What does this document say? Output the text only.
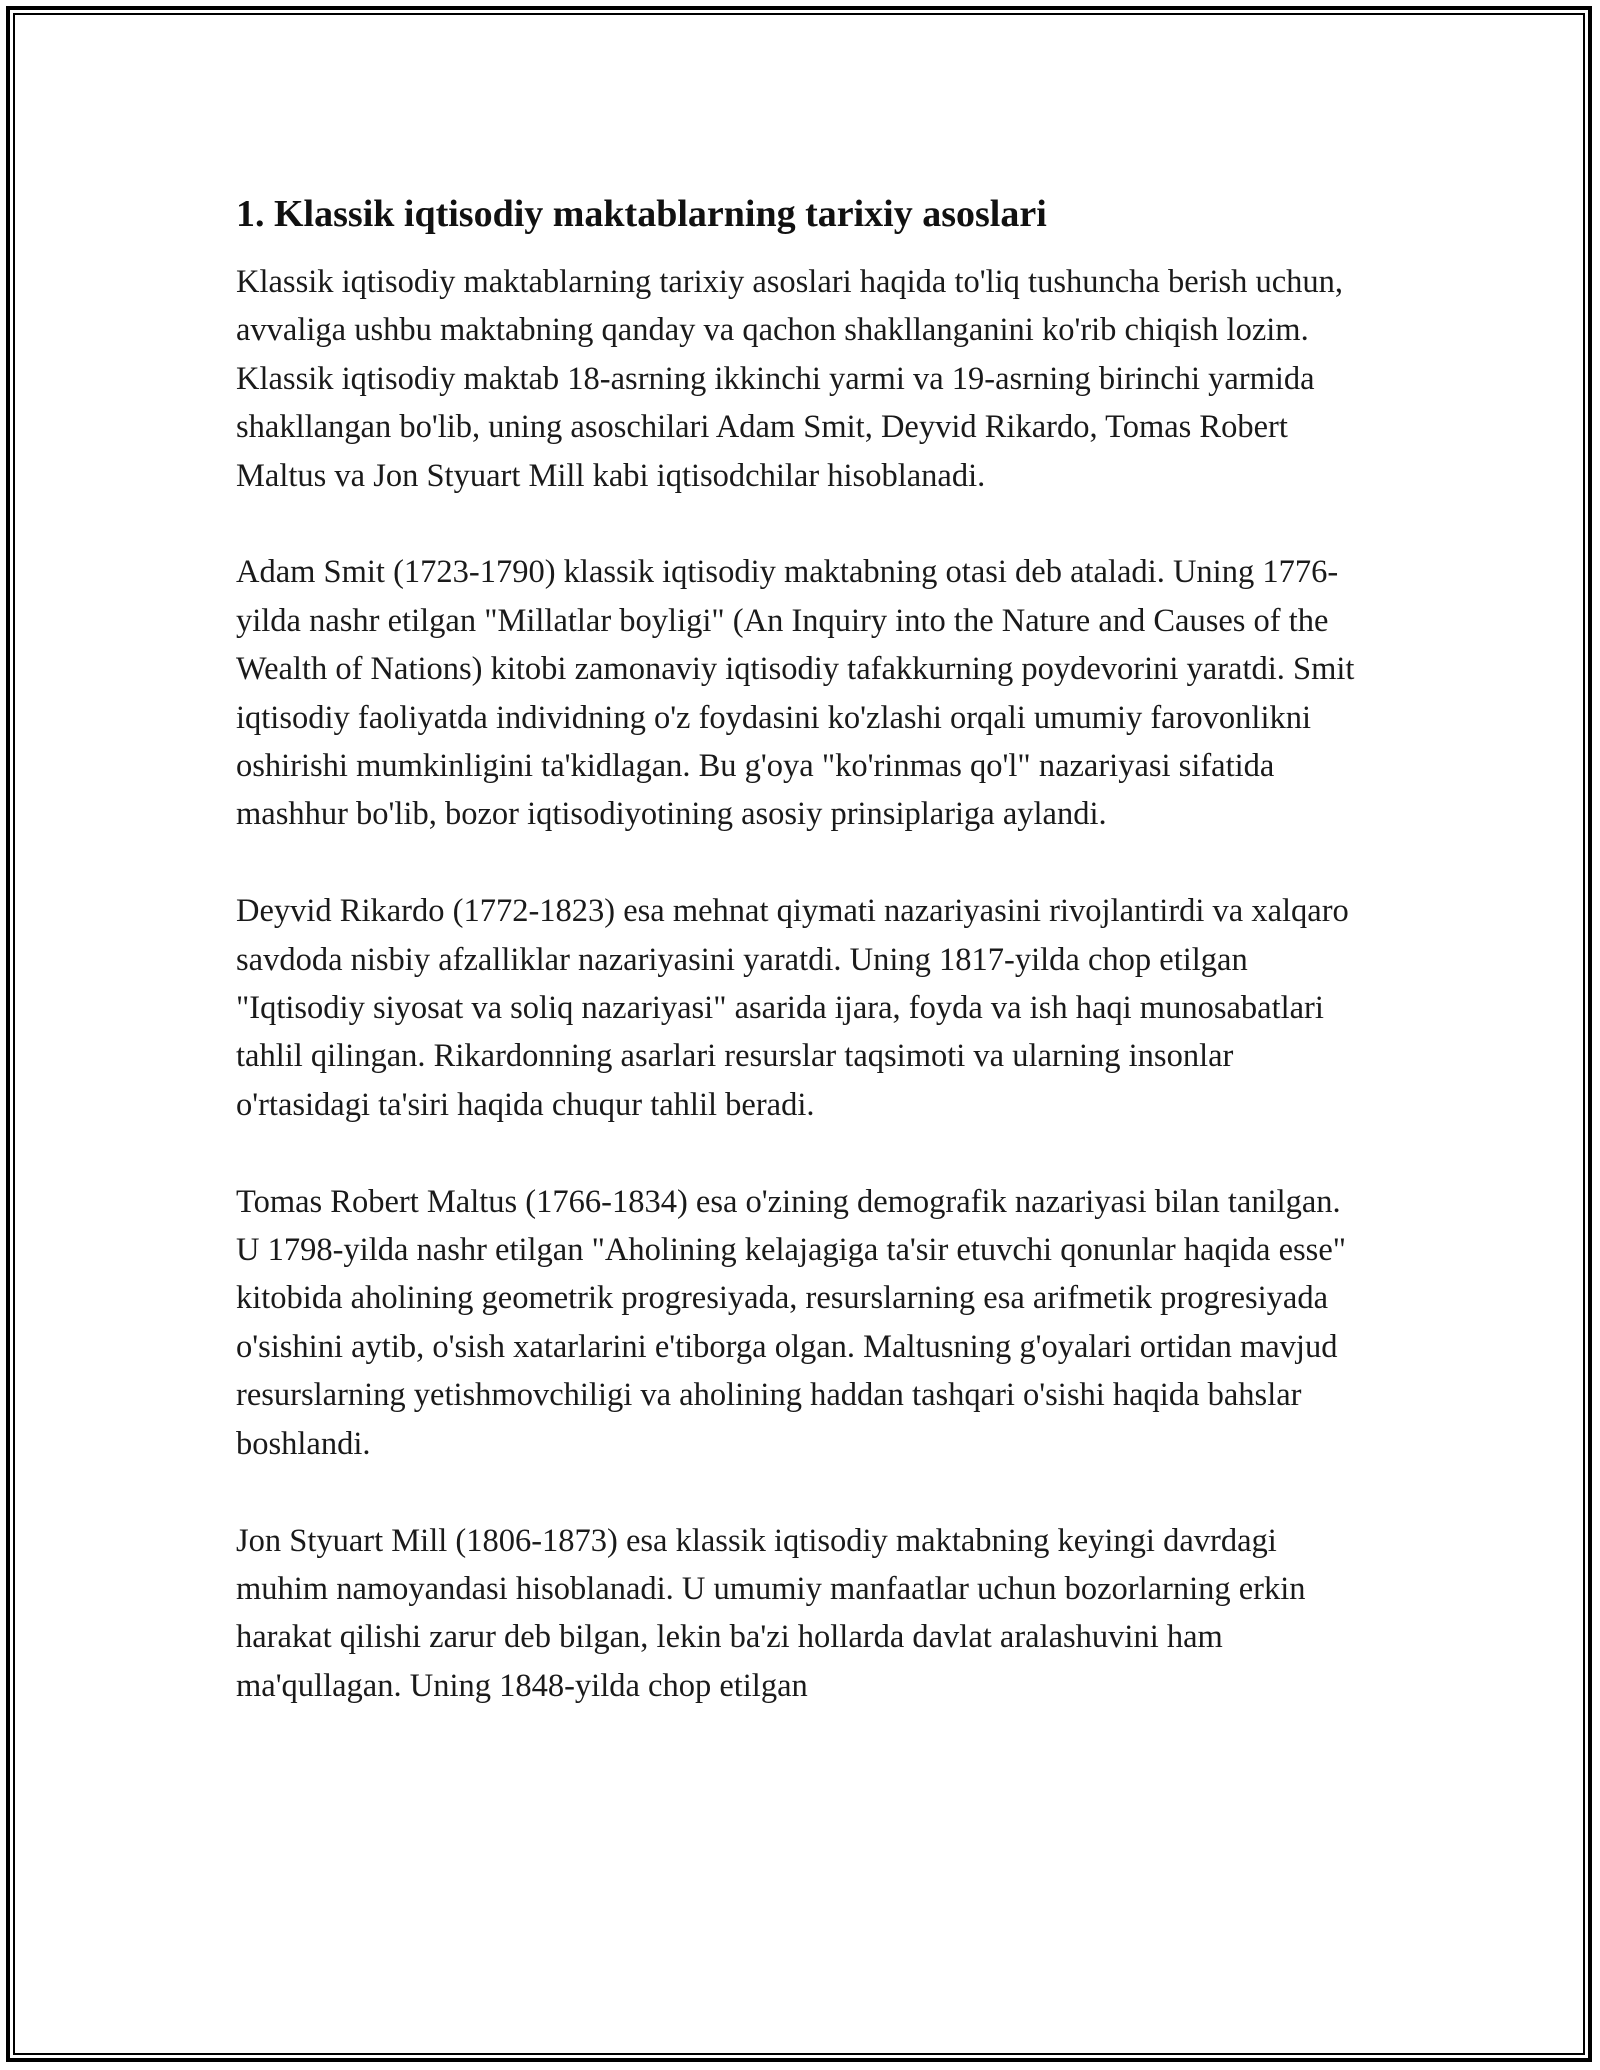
1. Klassik iqtisodiy maktablarning tarixiy asoslari

Klassik iqtisodiy maktablarning tarixiy asoslari haqida to'liq tushuncha berish uchun, avvaliga ushbu maktabning qanday va qachon shakllanganini ko'rib chiqish lozim. Klassik iqtisodiy maktab 18-asrning ikkinchi yarmi va 19-asrning birinchi yarmida shakllangan bo'lib, uning asoschilari Adam Smit, Deyvid Rikardo, Tomas Robert Maltus va Jon Styuart Mill kabi iqtisodchilar hisoblanadi.

Adam Smit (1723-1790) klassik iqtisodiy maktabning otasi deb ataladi. Uning 1776-yilda nashr etilgan "Millatlar boyligi" (An Inquiry into the Nature and Causes of the Wealth of Nations) kitobi zamonaviy iqtisodiy tafakkurning poydevorini yaratdi. Smit iqtisodiy faoliyatda individning o'z foydasini ko'zlashi orqali umumiy farovonlikni oshirishi mumkinligini ta'kidlagan. Bu g'oya "ko'rinmas qo'l" nazariyasi sifatida mashhur bo'lib, bozor iqtisodiyotining asosiy prinsiplariga aylandi.

Deyvid Rikardo (1772-1823) esa mehnat qiymati nazariyasini rivojlantirdi va xalqaro savdoda nisbiy afzalliklar nazariyasini yaratdi. Uning 1817-yilda chop etilgan "Iqtisodiy siyosat va soliq nazariyasi" asarida ijara, foyda va ish haqi munosabatlari tahlil qilingan. Rikardonning asarlari resurslar taqsimoti va ularning insonlar o'rtasidagi ta'siri haqida chuqur tahlil beradi.

Tomas Robert Maltus (1766-1834) esa o'zining demografik nazariyasi bilan tanilgan. U 1798-yilda nashr etilgan "Aholining kelajagiga ta'sir etuvchi qonunlar haqida esse" kitobida aholining geometrik progresiyada, resurslarning esa arifmetik progresiyada o'sishini aytib, o'sish xatarlarini e'tiborga olgan. Maltusning g'oyalari ortidan mavjud resurslarning yetishmovchiligi va aholining haddan tashqari o'sishi haqida bahslar boshlandi.

Jon Styuart Mill (1806-1873) esa klassik iqtisodiy maktabning keyingi davrdagi muhim namoyandasi hisoblanadi. U umumiy manfaatlar uchun bozorlarning erkin harakat qilishi zarur deb bilgan, lekin ba'zi hollarda davlat aralashuvini ham ma'qullagan. Uning 1848-yilda chop etilgan
